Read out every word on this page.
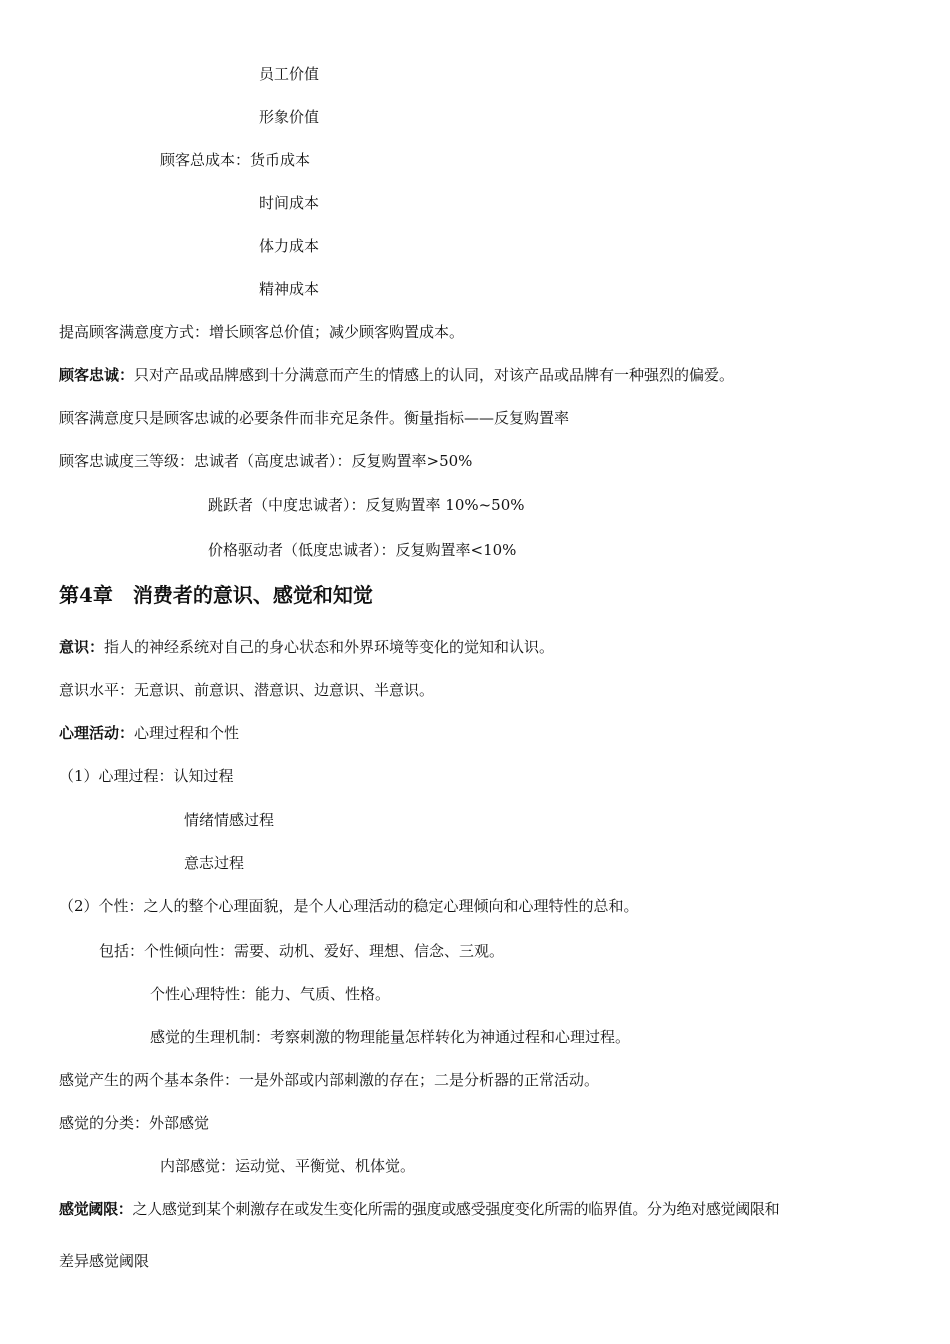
员工价值
形象价值
顾客总成本：货币成本
时间成本
体力成本
精神成本
提高顾客满意度方式：增长顾客总价值；减少顾客购置成本。
顾客忠诚：只对产品或品牌感到十分满意而产生的情感上的认同，对该产品或品牌有一种强烈的偏爱。
顾客满意度只是顾客忠诚的必要条件而非充足条件。衡量指标——反复购置率
顾客忠诚度三等级：忠诚者（高度忠诚者）：反复购置率>50%
跳跃者（中度忠诚者）：反复购置率 10%~50%
价格驱动者（低度忠诚者）：反复购置率<10%
第4章　消费者的意识、感觉和知觉
意识：指人的神经系统对自己的身心状态和外界环境等变化的觉知和认识。
意识水平：无意识、前意识、潜意识、边意识、半意识。
心理活动：心理过程和个性
（1）心理过程：认知过程
情绪情感过程
意志过程
（2）个性：之人的整个心理面貌，是个人心理活动的稳定心理倾向和心理特性的总和。
包括：个性倾向性：需要、动机、爱好、理想、信念、三观。
个性心理特性：能力、气质、性格。
感觉的生理机制：考察刺激的物理能量怎样转化为神通过程和心理过程。
感觉产生的两个基本条件：一是外部或内部刺激的存在；二是分析器的正常活动。
感觉的分类：外部感觉
内部感觉：运动觉、平衡觉、机体觉。
感觉阈限：之人感觉到某个刺激存在或发生变化所需的强度或感受强度变化所需的临界值。分为绝对感觉阈限和
差异感觉阈限
